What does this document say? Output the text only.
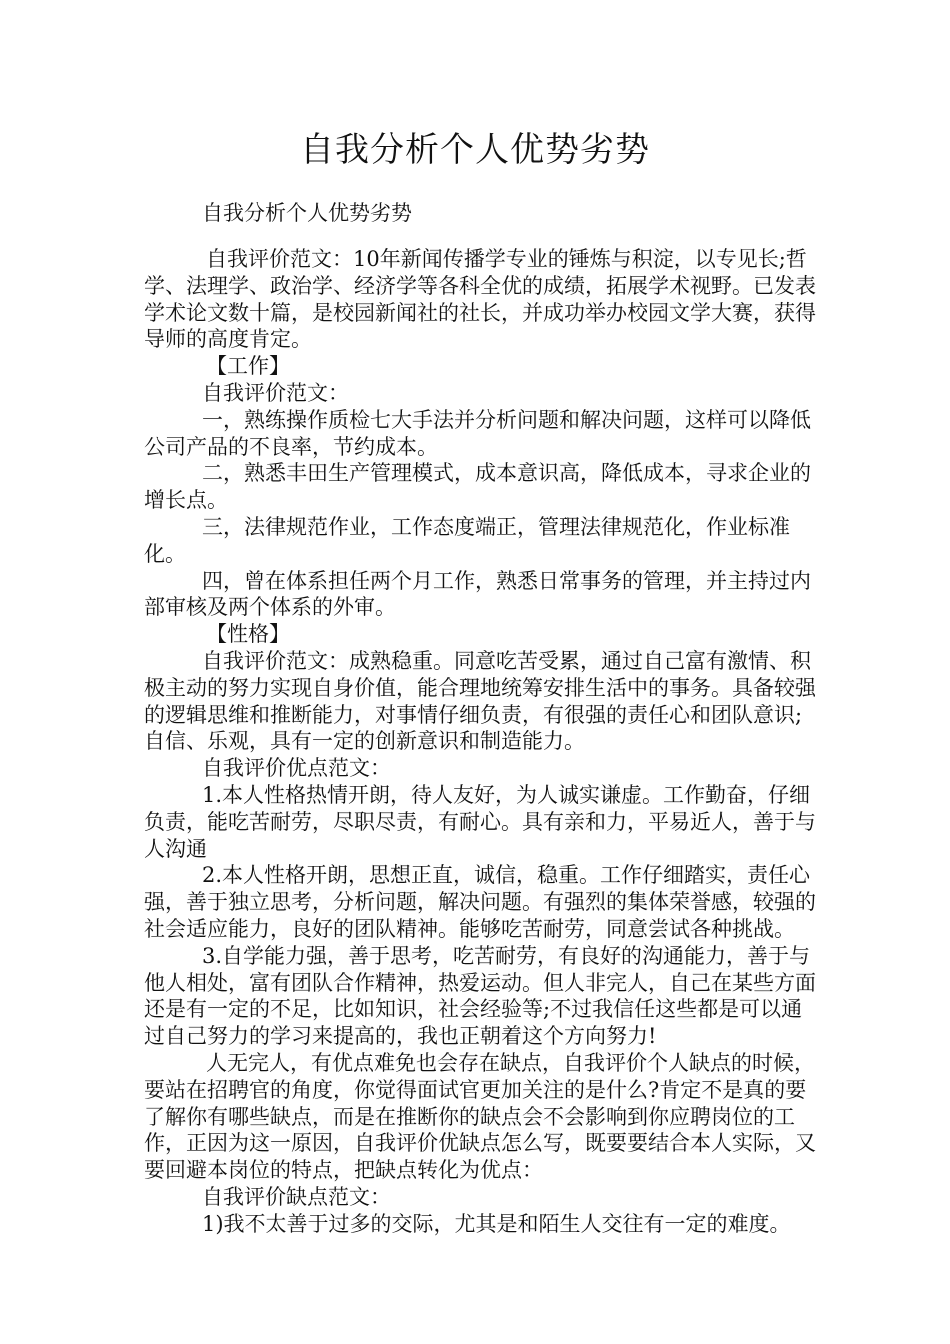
自我分析个人优势劣势
自我分析个人优势劣势

自我评价范文：10年新闻传播学专业的锤炼与积淀，以专见长;哲学、法理学、政治学、经济学等各科全优的成绩，拓展学术视野。已发表学术论文数十篇，是校园新闻社的社长，并成功举办校园文学大赛，获得导师的高度肯定。

【工作】

自我评价范文：

一，熟练操作质检七大手法并分析问题和解决问题，这样可以降低公司产品的不良率，节约成本。

二，熟悉丰田生产管理模式，成本意识高，降低成本，寻求企业的增长点。

三，法律规范作业，工作态度端正，管理法律规范化，作业标准化。

四，曾在体系担任两个月工作，熟悉日常事务的管理，并主持过内部审核及两个体系的外审。

【性格】

自我评价范文：成熟稳重。同意吃苦受累，通过自己富有激情、积极主动的努力实现自身价值，能合理地统筹安排生活中的事务。具备较强的逻辑思维和推断能力，对事情仔细负责，有很强的责任心和团队意识;自信、乐观，具有一定的创新意识和制造能力。

自我评价优点范文：

1.本人性格热情开朗，待人友好，为人诚实谦虚。工作勤奋，仔细负责，能吃苦耐劳，尽职尽责，有耐心。具有亲和力，平易近人，善于与人沟通

2.本人性格开朗，思想正直，诚信，稳重。工作仔细踏实，责任心强，善于独立思考，分析问题，解决问题。有强烈的集体荣誉感，较强的社会适应能力，良好的团队精神。能够吃苦耐劳，同意尝试各种挑战。

3.自学能力强，善于思考，吃苦耐劳，有良好的沟通能力，善于与他人相处，富有团队合作精神，热爱运动。但人非完人，自己在某些方面还是有一定的不足，比如知识，社会经验等;不过我信任这些都是可以通过自己努力的学习来提高的，我也正朝着这个方向努力!

人无完人，有优点难免也会存在缺点，自我评价个人缺点的时候，要站在招聘官的角度，你觉得面试官更加关注的是什么?肯定不是真的要了解你有哪些缺点，而是在推断你的缺点会不会影响到你应聘岗位的工作，正因为这一原因，自我评价优缺点怎么写，既要要结合本人实际，又要回避本岗位的特点，把缺点转化为优点：

自我评价缺点范文：

1)我不太善于过多的交际，尤其是和陌生人交往有一定的难度。
